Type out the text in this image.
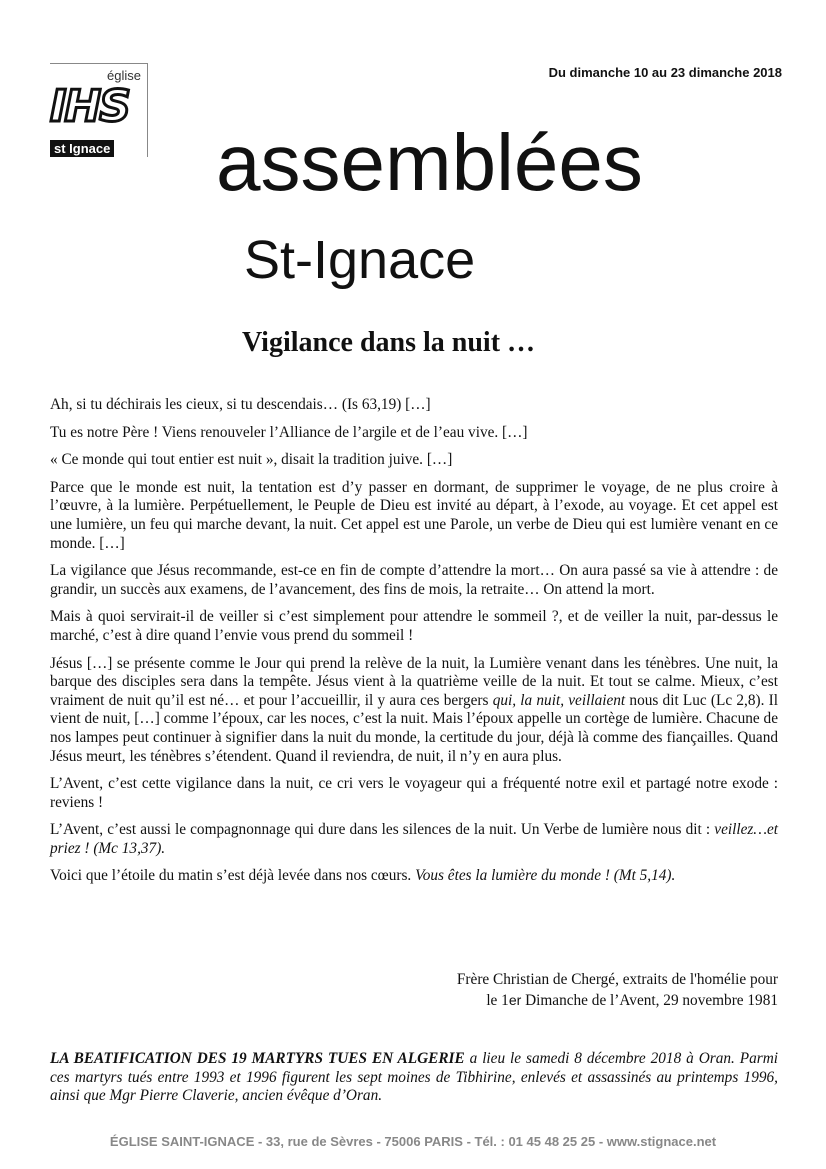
église
IHS
st Ignace
Du dimanche 10 au 23 dimanche 2018
assemblées
St-Ignace
Vigilance dans la nuit …

Ah, si tu déchirais les cieux, si tu descendais… (Is 63,19) […]

Tu es notre Père ! Viens renouveler l’Alliance de l’argile et de l’eau vive. […]

« Ce monde qui tout entier est nuit », disait la tradition juive. […]

Parce que le monde est nuit, la tentation est d’y passer en dormant, de supprimer le voyage, de ne plus croire à l’œuvre, à la lumière. Perpétuellement, le Peuple de Dieu est invité au départ, à l’exode, au voyage. Et cet appel est une lumière, un feu qui marche devant, la nuit. Cet appel est une Parole, un verbe de Dieu qui est lumière venant en ce monde. […]

La vigilance que Jésus recommande, est-ce en fin de compte d’attendre la mort… On aura passé sa vie à attendre : de grandir, un succès aux examens, de l’avancement, des fins de mois, la retraite… On attend la mort.

Mais à quoi servirait-il de veiller si c’est simplement pour attendre le sommeil ?, et de veiller la nuit, par-dessus le marché, c’est à dire quand l’envie vous prend du sommeil !

Jésus […] se présente comme le Jour qui prend la relève de la nuit, la Lumière venant dans les ténèbres. Une nuit, la barque des disciples sera dans la tempête. Jésus vient à la quatrième veille de la nuit. Et tout se calme. Mieux, c’est vraiment de nuit qu’il est né… et pour l’accueillir, il y aura ces bergers qui, la nuit, veillaient nous dit Luc (Lc 2,8). Il vient de nuit, […] comme l’époux, car les noces, c’est la nuit. Mais l’époux appelle un cortège de lumière. Chacune de nos lampes peut continuer à signifier dans la nuit du monde, la certitude du jour, déjà là comme des fiançailles. Quand Jésus meurt, les ténèbres s’étendent. Quand il reviendra, de nuit, il n’y en aura plus.

L’Avent, c’est cette vigilance dans la nuit, ce cri vers le voyageur qui a fréquenté notre exil et partagé notre exode : reviens !

L’Avent, c’est aussi le compagnonnage qui dure dans les silences de la nuit. Un Verbe de lumière nous dit : veillez…et priez ! (Mc 13,37).

Voici que l’étoile du matin s’est déjà levée dans nos cœurs. Vous êtes la lumière du monde ! (Mt 5,14).

Frère Christian de Chergé, extraits de l'homélie pour
le 1er Dimanche de l’Avent, 29 novembre 1981
LA BEATIFICATION DES 19 MARTYRS TUES EN ALGERIE a lieu le samedi 8 décembre 2018 à Oran. Parmi ces martyrs tués entre 1993 et 1996 figurent les sept moines de Tibhirine, enlevés et assassinés au printemps 1996, ainsi que Mgr Pierre Claverie, ancien évêque d’Oran.
ÉGLISE SAINT-IGNACE - 33, rue de Sèvres - 75006 PARIS - Tél. : 01 45 48 25 25 - www.stignace.net
